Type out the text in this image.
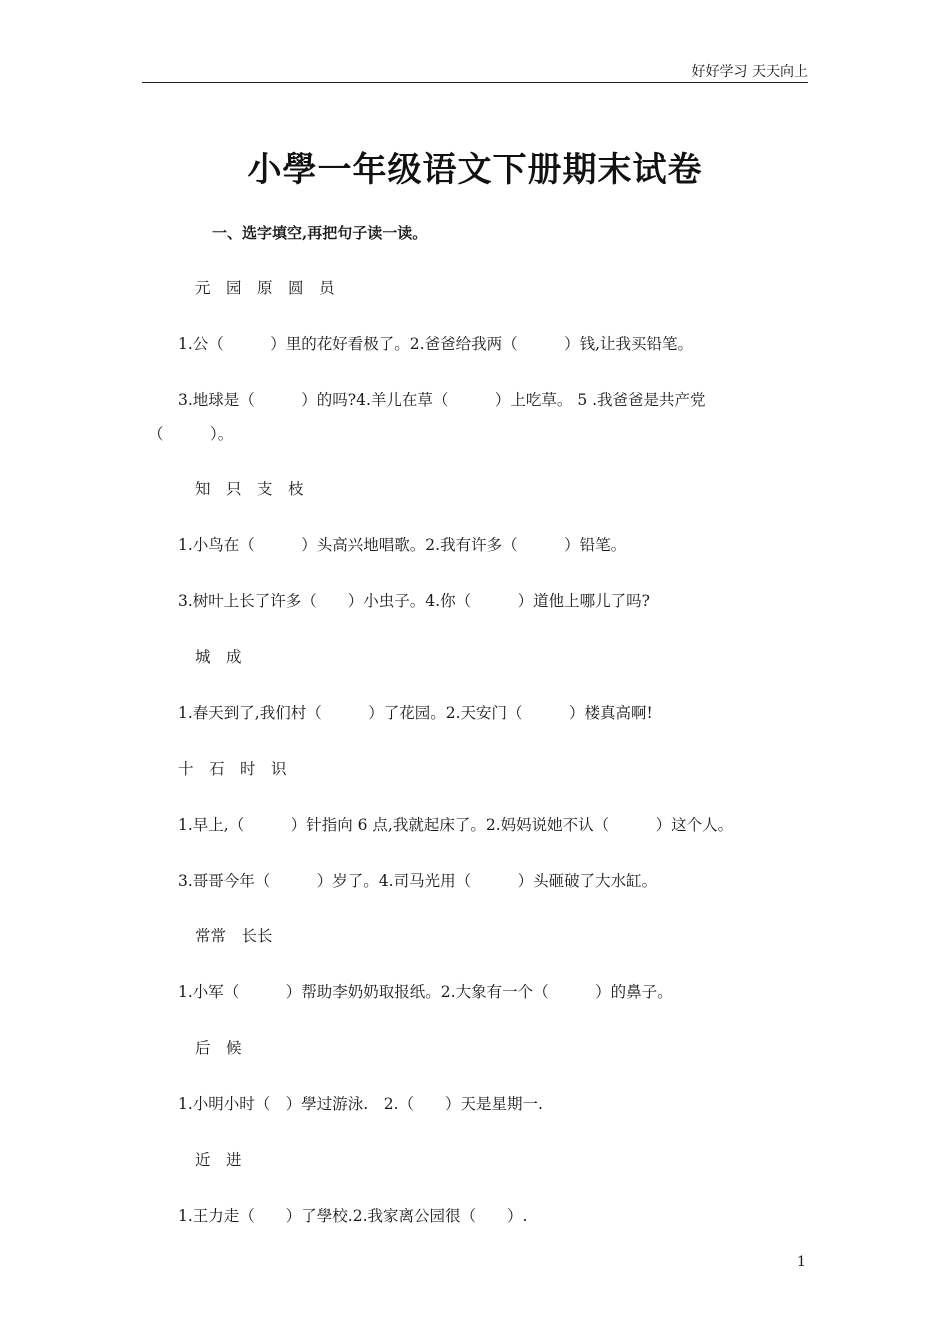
好好学习 天天向上
小學一年级语文下册期末试卷
一、选字填空,再把句子读一读。
元　园　原　圆　员
1.公（　　　）里的花好看极了。2.爸爸给我两（　　　）钱,让我买铅笔。
3.地球是（　　　）的吗?4.羊儿在草（　　　）上吃草。 5 .我爸爸是共产党
（　　　）。
知　只　支　枝
1.小鸟在（　　　）头高兴地唱歌。2.我有许多（　　　）铅笔。
3.树叶上长了许多（　　）小虫子。4.你（　　　）道他上哪儿了吗?
城　成
1.春天到了,我们村（　　　）了花园。2.天安门（　　　）楼真高啊!
十　石　时　识
1.早上,（　　　）针指向 6 点,我就起床了。2.妈妈说她不认（　　　）这个人。
3.哥哥今年（　　　）岁了。4.司马光用（　　　）头砸破了大水缸。
常常　长长
1.小军（　　　）帮助李奶奶取报纸。2.大象有一个（　　　）的鼻子。
后　候
1.小明小时（　）學过游泳.　2.（　　）天是星期一.
近　进
1.王力走（　　）了學校.2.我家离公园很（　　）.
1
